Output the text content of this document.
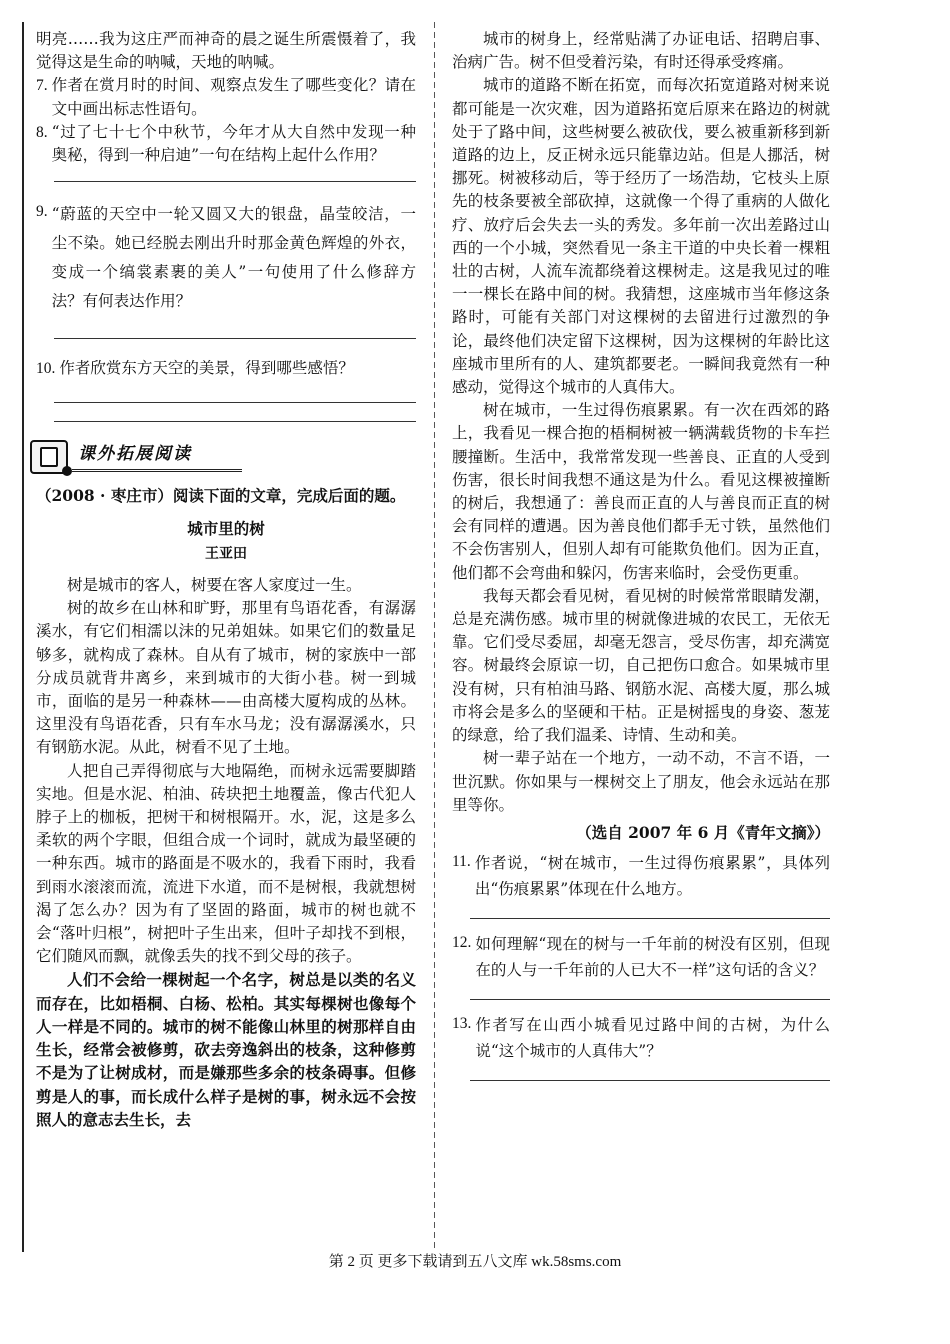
明亮……我为这庄严而神奇的晨之诞生所震慑着了，我觉得这是生命的呐喊，天地的呐喊。

7. 作者在赏月时的时间、观察点发生了哪些变化？请在文中画出标志性语句。
8. “过了七十七个中秋节，今年才从大自然中发现一种奥秘，得到一种启迪”一句在结构上起什么作用？
9. “蔚蓝的天空中一轮又圆又大的银盘，晶莹皎洁，一尘不染。她已经脱去刚出升时那金黄色辉煌的外衣，变成一个缟裳素裹的美人”一句使用了什么修辞方法？有何表达作用？
10. 作者欣赏东方天空的美景，得到哪些感悟？
课外拓展阅读

（2008 · 枣庄市）阅读下面的文章，完成后面的题。

城市里的树
王亚田

树是城市的客人，树要在客人家度过一生。

树的故乡在山林和旷野，那里有鸟语花香，有潺潺溪水，有它们相濡以沫的兄弟姐妹。如果它们的数量足够多，就构成了森林。自从有了城市，树的家族中一部分成员就背井离乡，来到城市的大街小巷。树一到城市，面临的是另一种森林——由高楼大厦构成的丛林。这里没有鸟语花香，只有车水马龙；没有潺潺溪水，只有钢筋水泥。从此，树看不见了土地。

人把自己弄得彻底与大地隔绝，而树永远需要脚踏实地。但是水泥、柏油、砖块把土地覆盖，像古代犯人脖子上的枷板，把树干和树根隔开。水，泥，这是多么柔软的两个字眼，但组合成一个词时，就成为最坚硬的一种东西。城市的路面是不吸水的，我看下雨时，我看到雨水滚滚而流，流进下水道，而不是树根，我就想树渴了怎么办？因为有了坚固的路面，城市的树也就不会“落叶归根”，树把叶子生出来，但叶子却找不到根，它们随风而飘，就像丢失的找不到父母的孩子。

人们不会给一棵树起一个名字，树总是以类的名义而存在，比如梧桐、白杨、松柏。其实每棵树也像每个人一样是不同的。城市的树不能像山林里的树那样自由生长，经常会被修剪，砍去旁逸斜出的枝条，这种修剪不是为了让树成材，而是嫌那些多余的枝条碍事。但修剪是人的事，而长成什么样子是树的事，树永远不会按照人的意志去生长，去

城市的树身上，经常贴满了办证电话、招聘启事、治病广告。树不但受着污染，有时还得承受疼痛。

城市的道路不断在拓宽，而每次拓宽道路对树来说都可能是一次灾难，因为道路拓宽后原来在路边的树就处于了路中间，这些树要么被砍伐，要么被重新移到新道路的边上，反正树永远只能靠边站。但是人挪活，树挪死。树被移动后，等于经历了一场浩劫，它枝头上原先的枝条要被全部砍掉，这就像一个得了重病的人做化疗、放疗后会失去一头的秀发。多年前一次出差路过山西的一个小城，突然看见一条主干道的中央长着一棵粗壮的古树，人流车流都绕着这棵树走。这是我见过的唯一一棵长在路中间的树。我猜想，这座城市当年修这条路时，可能有关部门对这棵树的去留进行过激烈的争论，最终他们决定留下这棵树，因为这棵树的年龄比这座城市里所有的人、建筑都要老。一瞬间我竟然有一种感动，觉得这个城市的人真伟大。

树在城市，一生过得伤痕累累。有一次在西郊的路上，我看见一棵合抱的梧桐树被一辆满载货物的卡车拦腰撞断。生活中，我常常发现一些善良、正直的人受到伤害，很长时间我想不通这是为什么。看见这棵被撞断的树后，我想通了：善良而正直的人与善良而正直的树会有同样的遭遇。因为善良他们都手无寸铁，虽然他们不会伤害别人，但别人却有可能欺负他们。因为正直，他们都不会弯曲和躲闪，伤害来临时，会受伤更重。

我每天都会看见树，看见树的时候常常眼睛发潮，总是充满伤感。城市里的树就像进城的农民工，无依无靠。它们受尽委屈，却毫无怨言，受尽伤害，却充满宽容。树最终会原谅一切，自己把伤口愈合。如果城市里没有树，只有柏油马路、钢筋水泥、高楼大厦，那么城市将会是多么的坚硬和干枯。正是树摇曳的身姿、葱茏的绿意，给了我们温柔、诗情、生动和美。

树一辈子站在一个地方，一动不动，不言不语，一世沉默。你如果与一棵树交上了朋友，他会永远站在那里等你。

（选自 2007 年 6 月《青年文摘》）

11. 作者说，“树在城市，一生过得伤痕累累”，具体列出“伤痕累累”体现在什么地方。
12. 如何理解“现在的树与一千年前的树没有区别，但现在的人与一千年前的人已大不一样”这句话的含义？
13. 作者写在山西小城看见过路中间的古树，为什么说“这个城市的人真伟大”？
第 2 页 更多下载请到五八文库 wk.58sms.com
